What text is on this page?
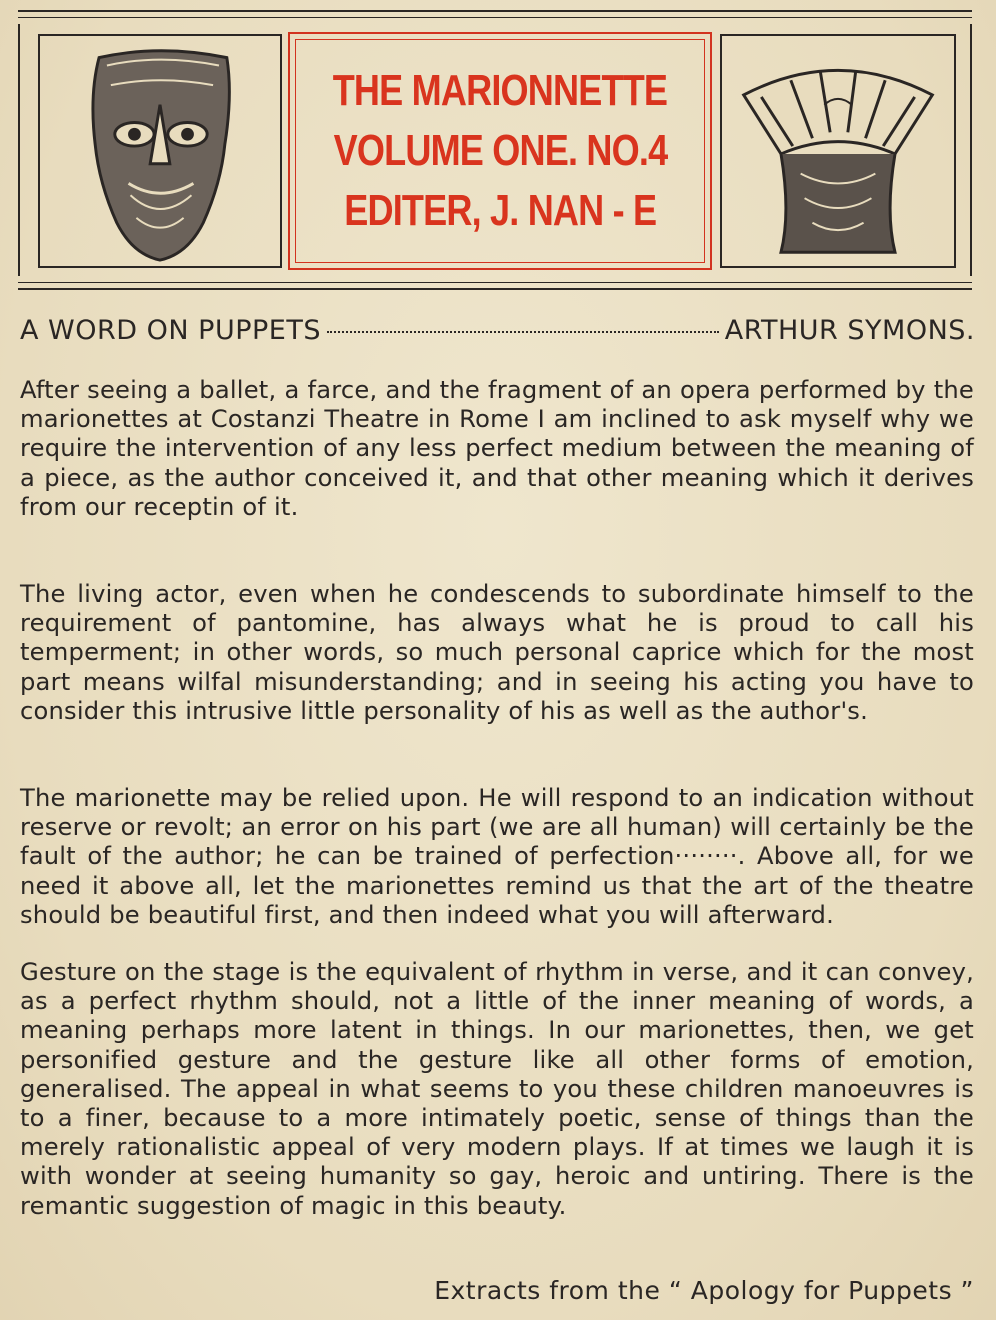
THE MARIONNETTE
VOLUME ONE. NO.4
EDITER, J. NAN - E
A WORD ON PUPPETS	ARTHUR SYMONS.
After seeing a ballet, a farce, and the fragment of an opera performed by the marionettes at Costanzi Theatre in Rome I am inclined to ask myself why we require the intervention of any less perfect medium between the meaning of a piece, as the author conceived it, and that other meaning which it derives from our receptin of it.
The living actor, even when he condescends to subordinate himself to the requirement of pantomine, has always what he is proud to call his temperment; in other words, so much personal caprice which for the most part means wilfal misunderstanding; and in seeing his acting you have to consider this intrusive little personality of his as well as the author's.
The marionette may be relied upon. He will respond to an indication without reserve or revolt; an error on his part (we are all human) will certainly be the fault of the author; he can be trained of perfection········. Above all, for we need it above all, let the marionettes remind us that the art of the theatre should be beautiful first, and then indeed what you will afterward.
Gesture on the stage is the equivalent of rhythm in verse, and it can convey, as a perfect rhythm should, not a little of the inner meaning of words, a meaning perhaps more latent in things. In our marionettes, then, we get personified gesture and the gesture like all other forms of emotion, generalised. The appeal in what seems to you these children manoeuvres is to a finer, because to a more intimately poetic, sense of things than the merely rationalistic appeal of very modern plays. If at times we laugh it is with wonder at seeing humanity so gay, heroic and untiring. There is the remantic suggestion of magic in this beauty.
Extracts from the “ Apology for Puppets ”
